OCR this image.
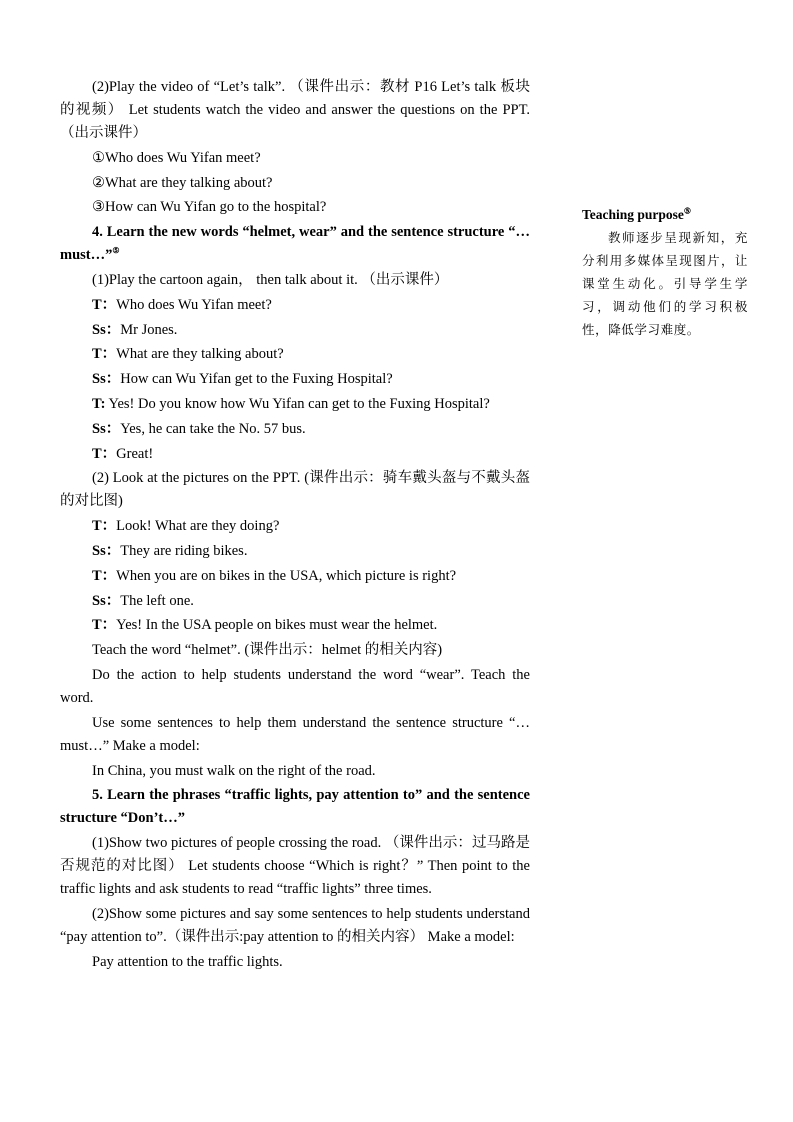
(2)Play the video of “Let’s talk”. （课件出示：教材 P16 Let’s talk 板块的视频） Let students watch the video and answer the questions on the PPT. （出示课件）

①Who does Wu Yifan meet?

②What are they talking about?

③How can Wu Yifan go to the hospital?

4. Learn the new words “helmet, wear” and the sentence structure “…must…”⑤

(1)Play the cartoon again， then talk about it. （出示课件）

T：Who does Wu Yifan meet?

Ss：Mr Jones.

T：What are they talking about?

Ss：How can Wu Yifan get to the Fuxing Hospital?

T: Yes! Do you know how Wu Yifan can get to the Fuxing Hospital?

Ss：Yes, he can take the No. 57 bus.

T：Great!

(2) Look at the pictures on the PPT. (课件出示：骑车戴头盔与不戴头盔的对比图)

T：Look! What are they doing?

Ss：They are riding bikes.

T：When you are on bikes in the USA, which picture is right?

Ss：The left one.

T：Yes! In the USA people on bikes must wear the helmet.

Teach the word “helmet”. (课件出示：helmet 的相关内容)

Do the action to help students understand the word “wear”. Teach the word.

Use some sentences to help them understand the sentence structure “…must…” Make a model:

In China, you must walk on the right of the road.

5. Learn the phrases “traffic lights, pay attention to” and the sentence structure “Don’t…”

(1)Show two pictures of people crossing the road. （课件出示：过马路是否规范的对比图） Let students choose “Which is right？” Then point to the traffic lights and ask students to read “traffic lights” three times.

(2)Show some pictures and say some sentences to help students understand “pay attention to”.（课件出示:pay attention to 的相关内容） Make a model:

Pay attention to the traffic lights.

Teaching purpose⑤

教师逐步呈现新知，充分利用多媒体呈现图片，让课堂生动化。引导学生学习，调动他们的学习积极性，降低学习难度。
